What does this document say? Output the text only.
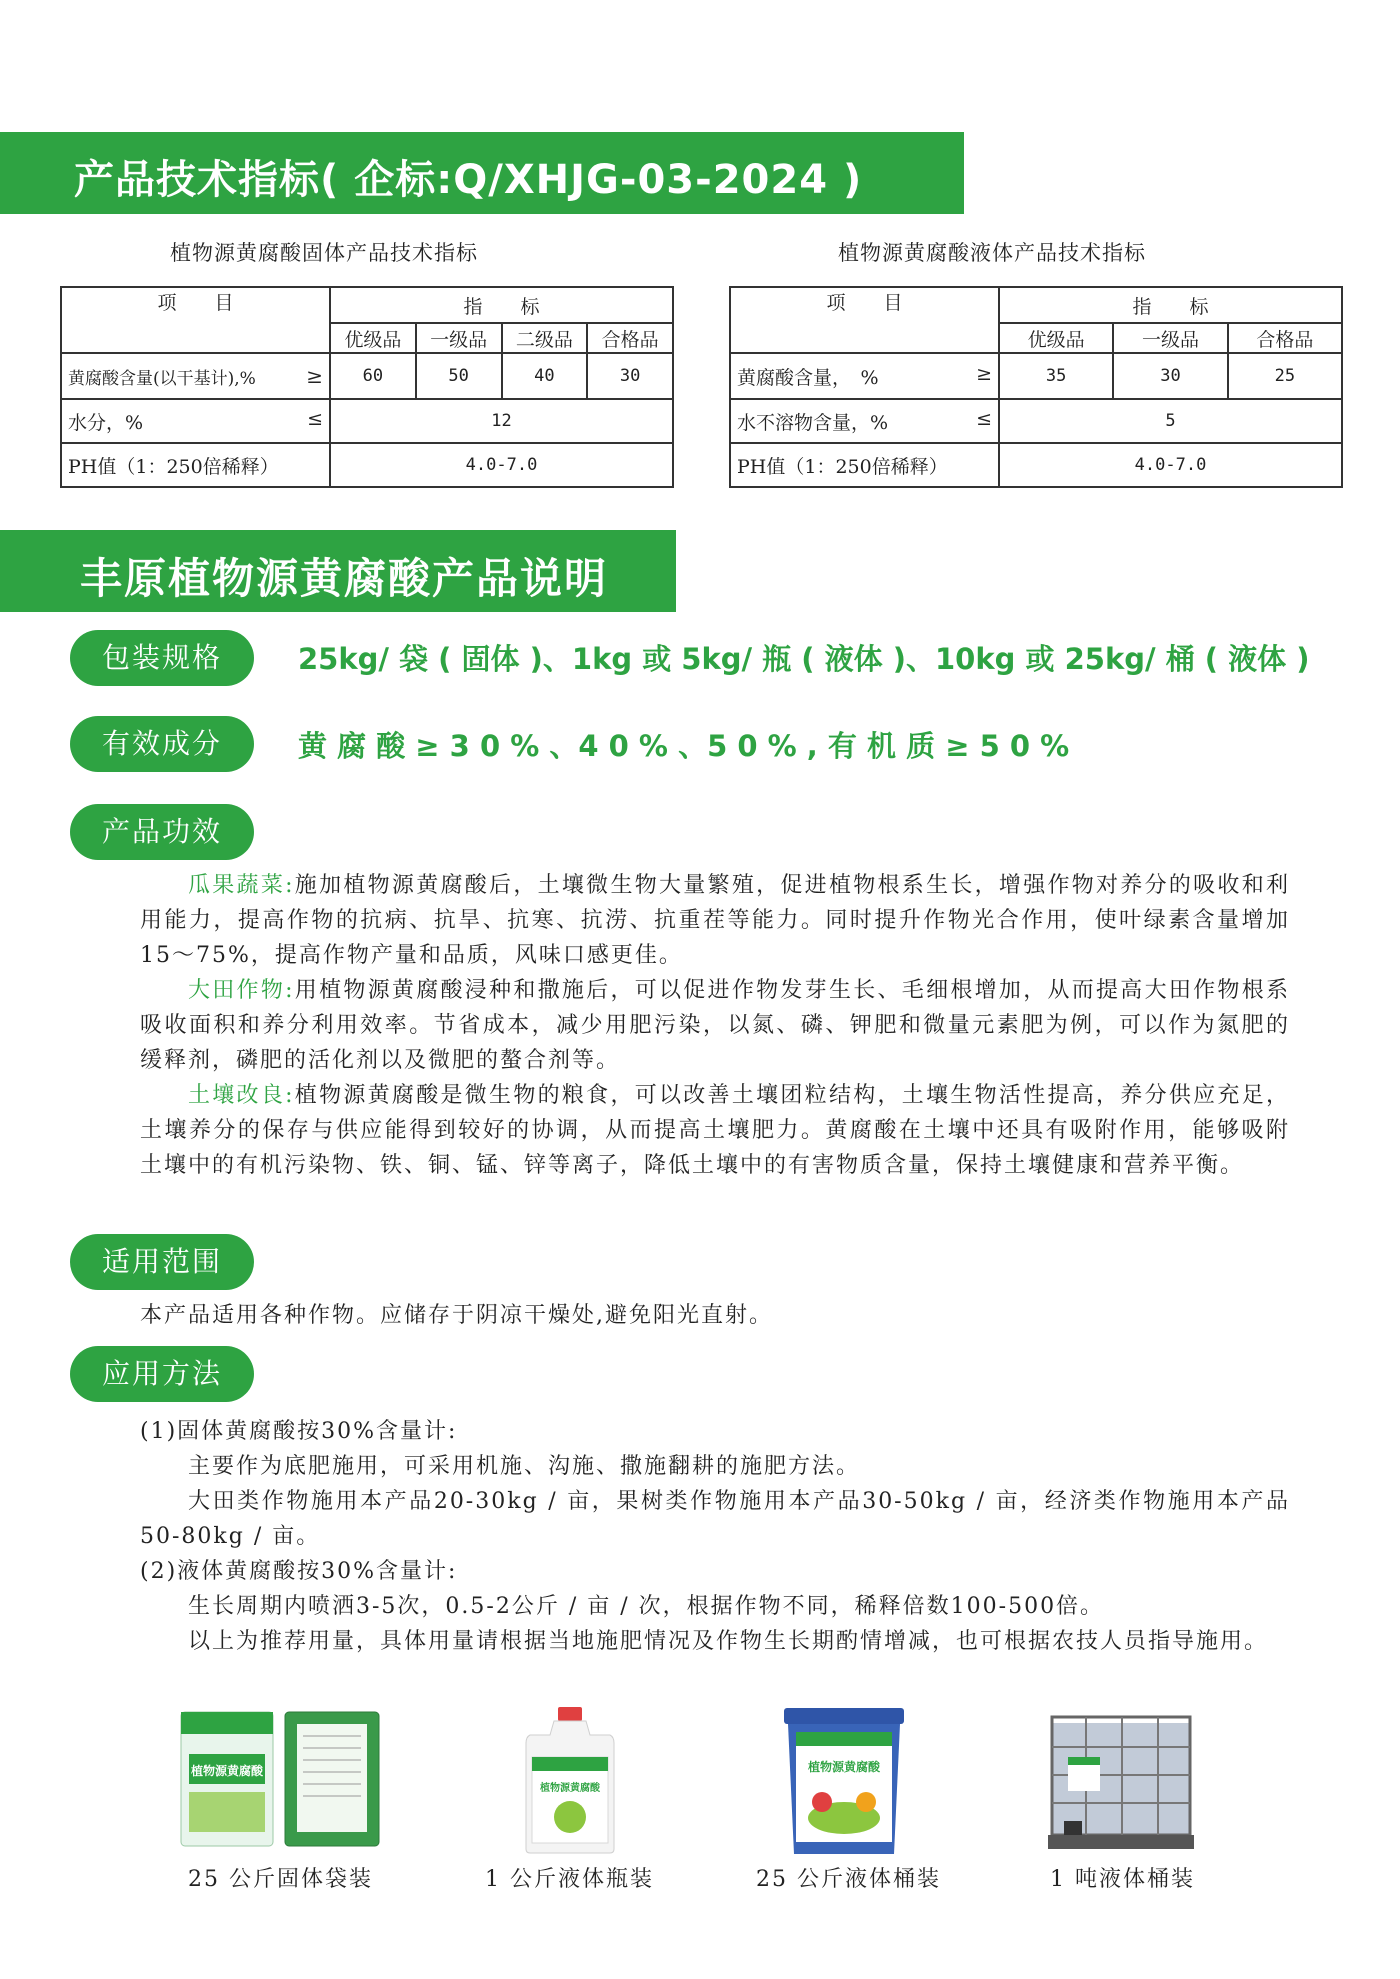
产品技术指标( 企标:Q/XHJG-03-2024 )
植物源黄腐酸固体产品技术指标
项　　目	指　　标			
	优级品	一级品	二级品	合格品
黄腐酸含量(以干基计),% ≥	60	50	40	30
水分，% ≤	12			
PH值（1：250倍稀释）	4.0-7.0			
植物源黄腐酸液体产品技术指标
项　　目	指　　标		
	优级品	一级品	合格品
黄腐酸含量，　% ≥	35	30	25
水不溶物含量，% ≤	5		
PH值（1：250倍稀释）	4.0-7.0		
丰原植物源黄腐酸产品说明
包装规格	25kg/ 袋 ( 固体 )、1kg 或 5kg/ 瓶 ( 液体 )、10kg 或 25kg/ 桶 ( 液体 )
有效成分	黄 腐 酸 ≥ 3 0 % 、4 0 % 、5 0 % , 有 机 质 ≥ 5 0 %
产品功效
瓜果蔬菜:施加植物源黄腐酸后，土壤微生物大量繁殖，促进植物根系生长，增强作物对养分的吸收和利用能力，提高作物的抗病、抗旱、抗寒、抗涝、抗重茬等能力。同时提升作物光合作用，使叶绿素含量增加15～75%，提高作物产量和品质，风味口感更佳。
大田作物:用植物源黄腐酸浸种和撒施后，可以促进作物发芽生长、毛细根增加，从而提高大田作物根系吸收面积和养分利用效率。节省成本，减少用肥污染，以氮、磷、钾肥和微量元素肥为例，可以作为氮肥的缓释剂，磷肥的活化剂以及微肥的螯合剂等。
土壤改良:植物源黄腐酸是微生物的粮食，可以改善土壤团粒结构，土壤生物活性提高，养分供应充足，土壤养分的保存与供应能得到较好的协调，从而提高土壤肥力。黄腐酸在土壤中还具有吸附作用，能够吸附土壤中的有机污染物、铁、铜、锰、锌等离子，降低土壤中的有害物质含量，保持土壤健康和营养平衡。
适用范围
本产品适用各种作物。应储存于阴凉干燥处,避免阳光直射。
应用方法
(1)固体黄腐酸按30%含量计:
主要作为底肥施用，可采用机施、沟施、撒施翻耕的施肥方法。
大田类作物施用本产品20-30kg / 亩，果树类作物施用本产品30-50kg / 亩，经济类作物施用本产品50-80kg / 亩。
(2)液体黄腐酸按30%含量计:
生长周期内喷洒3-5次，0.5-2公斤 / 亩 / 次，根据作物不同，稀释倍数100-500倍。
以上为推荐用量，具体用量请根据当地施肥情况及作物生长期酌情增减，也可根据农技人员指导施用。
植物源黄腐酸
25 公斤固体袋装
植物源黄腐酸
1 公斤液体瓶装
植物源黄腐酸
25 公斤液体桶装	1 吨液体桶装
